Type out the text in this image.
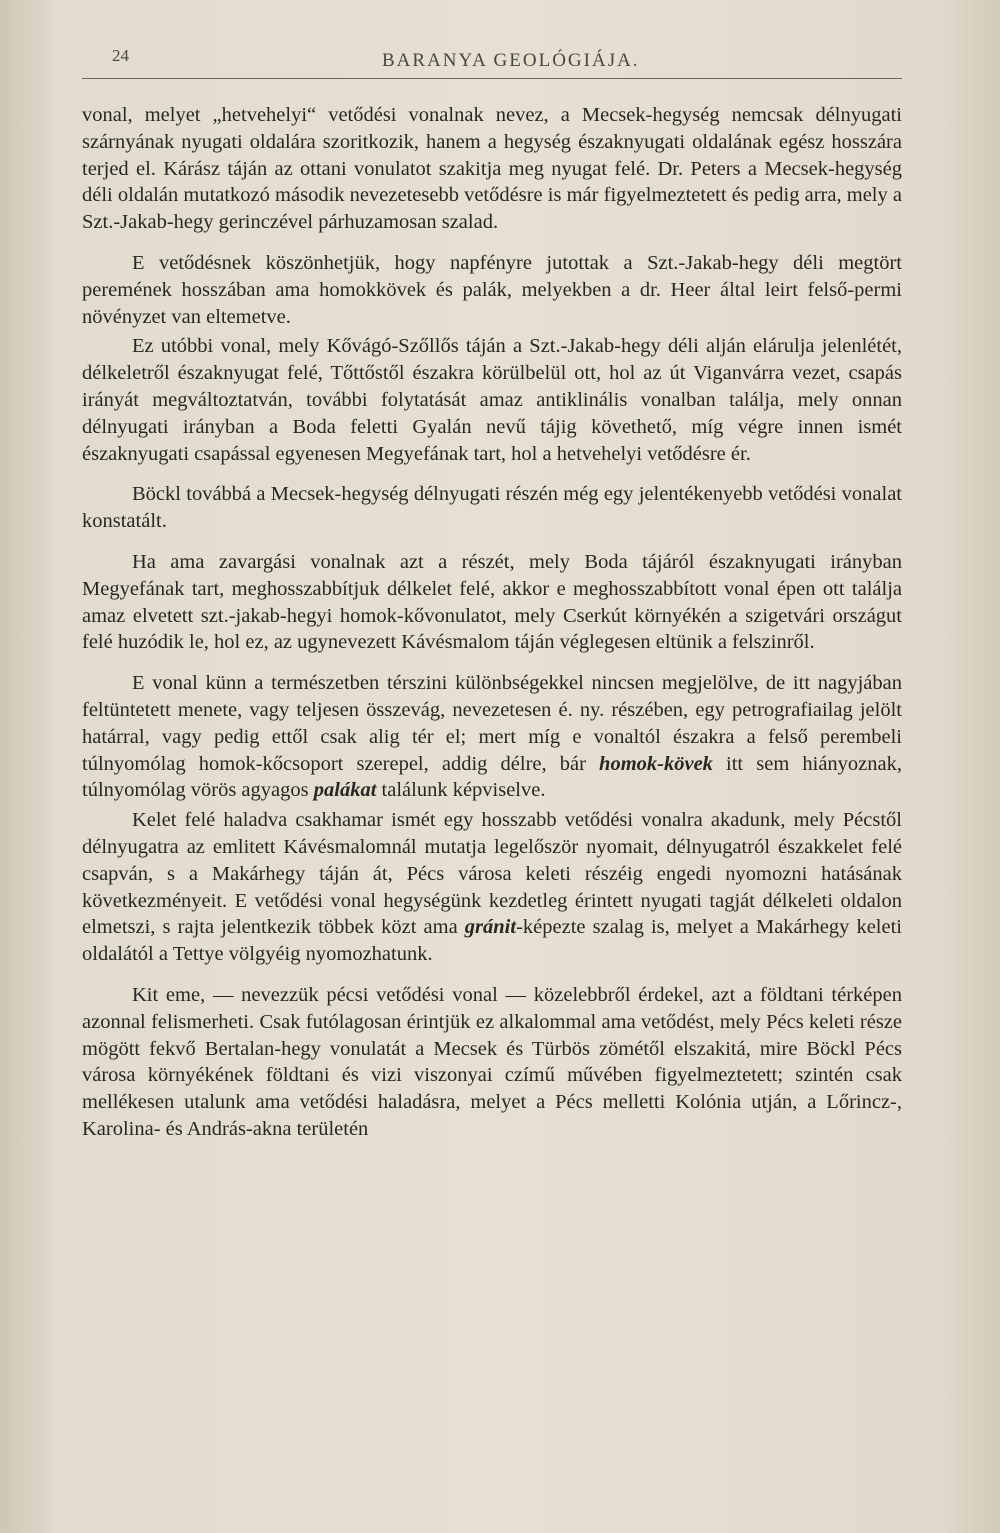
24	BARANYA GEOLÓGIÁJA.

vonal, melyet „hetvehelyi“ vetődési vonalnak nevez, a Mecsek-hegység nemcsak délnyugati szárnyának nyugati oldalára szoritkozik, hanem a hegység északnyugati oldalának egész hosszára terjed el. Kárász táján az ottani vonulatot szakitja meg nyugat felé. Dr. Peters a Mecsek-hegység déli oldalán mutatkozó második nevezetesebb vetődésre is már figyelmeztetett és pedig arra, mely a Szt.-Jakab-hegy gerinczével párhuzamosan szalad.

E vetődésnek köszönhetjük, hogy napfényre jutottak a Szt.-Jakab-hegy déli megtört peremének hosszában ama homokkövek és palák, melyekben a dr. Heer által leirt felső-permi növényzet van eltemetve.

Ez utóbbi vonal, mely Kővágó-Szőllős táján a Szt.-Jakab-hegy déli alján elárulja jelenlétét, délkeletről északnyugat felé, Tőttőstől északra körülbelül ott, hol az út Viganvárra vezet, csapás irányát megváltoztatván, további folytatását amaz antiklinális vonalban találja, mely onnan délnyugati irányban a Boda feletti Gyalán nevű tájig követhető, míg végre innen ismét északnyugati csapással egyenesen Megyefának tart, hol a hetvehelyi vetődésre ér.

Böckl továbbá a Mecsek-hegység délnyugati részén még egy jelentékenyebb vetődési vonalat konstatált.

Ha ama zavargási vonalnak azt a részét, mely Boda tájáról északnyugati irányban Megyefának tart, meghosszabbítjuk délkelet felé, akkor e meghosszabbított vonal épen ott találja amaz elvetett szt.-jakab-hegyi homok-kővonulatot, mely Cserkút környékén a szigetvári országut felé huzódik le, hol ez, az ugynevezett Kávésmalom táján véglegesen eltünik a felszinről.

E vonal künn a természetben térszini különbségekkel nincsen megjelölve, de itt nagyjában feltüntetett menete, vagy teljesen összevág, nevezetesen é. ny. részében, egy petrografiailag jelölt határral, vagy pedig ettől csak alig tér el; mert míg e vonaltól északra a felső perembeli túlnyomólag homok-kőcsoport szerepel, addig délre, bár homok-kövek itt sem hiányoznak, túlnyomólag vörös agyagos palákat találunk képviselve.

Kelet felé haladva csakhamar ismét egy hosszabb vetődési vonalra akadunk, mely Pécstől délnyugatra az emlitett Kávésmalomnál mutatja legelőször nyomait, délnyugatról északkelet felé csapván, s a Makárhegy táján át, Pécs városa keleti részéig engedi nyomozni hatásának következményeit. E vetődési vonal hegységünk kezdetleg érintett nyugati tagját délkeleti oldalon elmetszi, s rajta jelentkezik többek közt ama gránit-képezte szalag is, melyet a Makárhegy keleti oldalától a Tettye völgyéig nyomozhatunk.

Kit eme, — nevezzük pécsi vetődési vonal — közelebbről érdekel, azt a földtani térképen azonnal felismerheti. Csak futólagosan érintjük ez alkalommal ama vetődést, mely Pécs keleti része mögött fekvő Bertalan-hegy vonulatát a Mecsek és Türbös zömétől elszakitá, mire Böckl Pécs városa környékének földtani és vizi viszonyai czímű művében figyelmeztetett; szintén csak mellékesen utalunk ama vetődési haladásra, melyet a Pécs melletti Kolónia utján, a Lőrincz-, Karolina- és András-akna területén
